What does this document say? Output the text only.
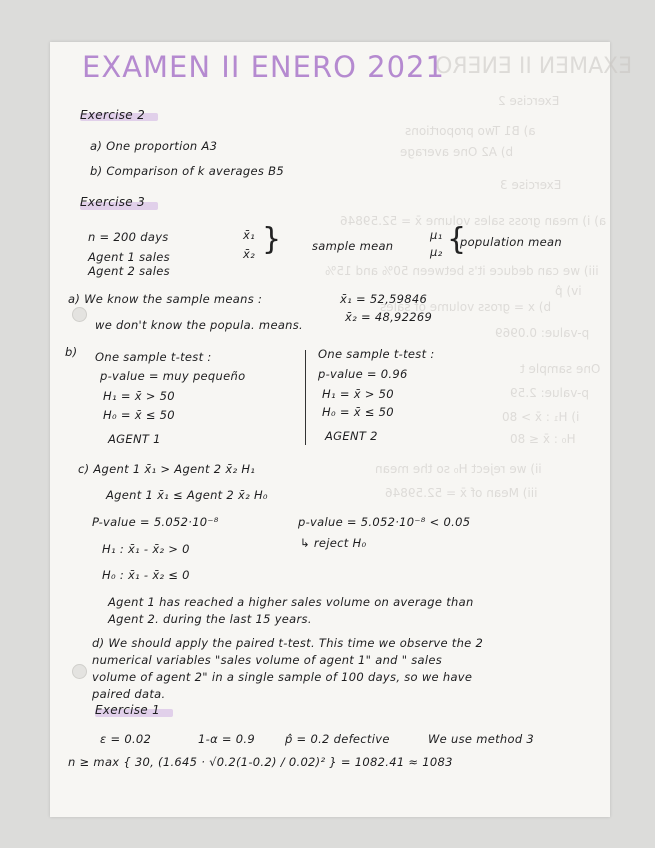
EXAMEN II ENERO
Exercise 2
a) B1 Two proportions
b) A2 One average
Exercise 3
a) i) mean gross sales volume x̄ = 52.59846
iii) we can deduce it's between 50% and 15%
iv) p̂
b) x = gross volume of sales
p-value: 0.0969
One sample t
p-value: 2.59
i) H₁ : x̄ > 80
H₀ : x̄ ≤ 80
ii) we reject H₀ so the mean
iii) Mean of x̄ = 52.59846
EXAMEN II ENERO 2021
Exercise 2
a) One proportion A3
b) Comparison of k averages B5
Exercise 3
n = 200 days
Agent 1 sales
Agent 2 sales
x̄₁
x̄₂ }	sample mean
μ₁
μ₂ {
population mean
a) We know the sample means :	x̄₁ = 52,59846
x̄₂ = 48,92269
we don't know the popula. means.
b) One sample t-test :
p-value = muy pequeño
H₁ = x̄ > 50
H₀ = x̄ ≤ 50
AGENT 1
One sample t-test :
p-value = 0.96
H₁ = x̄ > 50
H₀ = x̄ ≤ 50
AGENT 2
c) Agent 1 x̄₁ > Agent 2 x̄₂ H₁
Agent 1 x̄₁ ≤ Agent 2 x̄₂ H₀
P-value = 5.052·10⁻⁸	p-value = 5.052·10⁻⁸ < 0.05
↳ reject H₀
H₁ : x̄₁ - x̄₂ > 0
H₀ : x̄₁ - x̄₂ ≤ 0
Agent 1 has reached a higher sales volume on average than
Agent 2. during the last 15 years.
d) We should apply the paired t-test. This time we observe the 2
numerical variables "sales volume of agent 1" and " sales
volume of agent 2" in a single sample of 100 days, so we have
paired data.
Exercise 1
ε = 0.02	1-α = 0.9	p̂ = 0.2 defective	We use method 3
n ≥ max { 30, (1.645 · √0.2(1-0.2) / 0.02)² } = 1082.41 ≈ 1083
